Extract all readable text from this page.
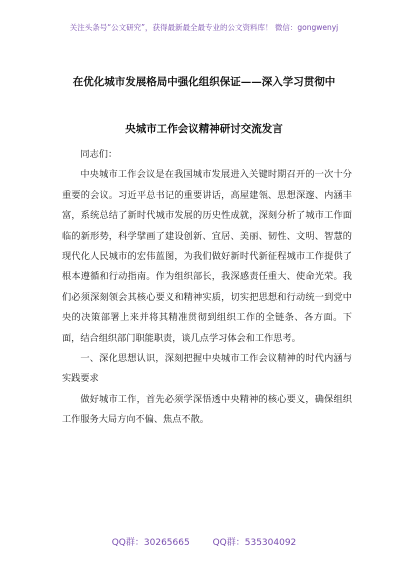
关注头条号“公文研究”，获得最新最全最专业的公文资料库！ 微信：gongwenyj
在优化城市发展格局中强化组织保证——深入学习贯彻中
央城市工作会议精神研讨交流发言

同志们：

中央城市工作会议是在我国城市发展进入关键时期召开的一次十分重要的会议。习近平总书记的重要讲话，高屋建瓴、思想深邃、内涵丰富，系统总结了新时代城市发展的历史性成就，深刻分析了城市工作面临的新形势，科学擘画了建设创新、宜居、美丽、韧性、文明、智慧的现代化人民城市的宏伟蓝图，为我们做好新时代新征程城市工作提供了根本遵循和行动指南。作为组织部长，我深感责任重大、使命光荣。我们必须深刻领会其核心要义和精神实质，切实把思想和行动统一到党中央的决策部署上来并将其精准贯彻到组织工作的全链条、各方面。下面，结合组织部门职能职责，谈几点学习体会和工作思考。

一、深化思想认识，深刻把握中央城市工作会议精神的时代内涵与实践要求

做好城市工作，首先必须学深悟透中央精神的核心要义，确保组织工作服务大局方向不偏、焦点不散。

QQ群：30265665	QQ群：535304092
